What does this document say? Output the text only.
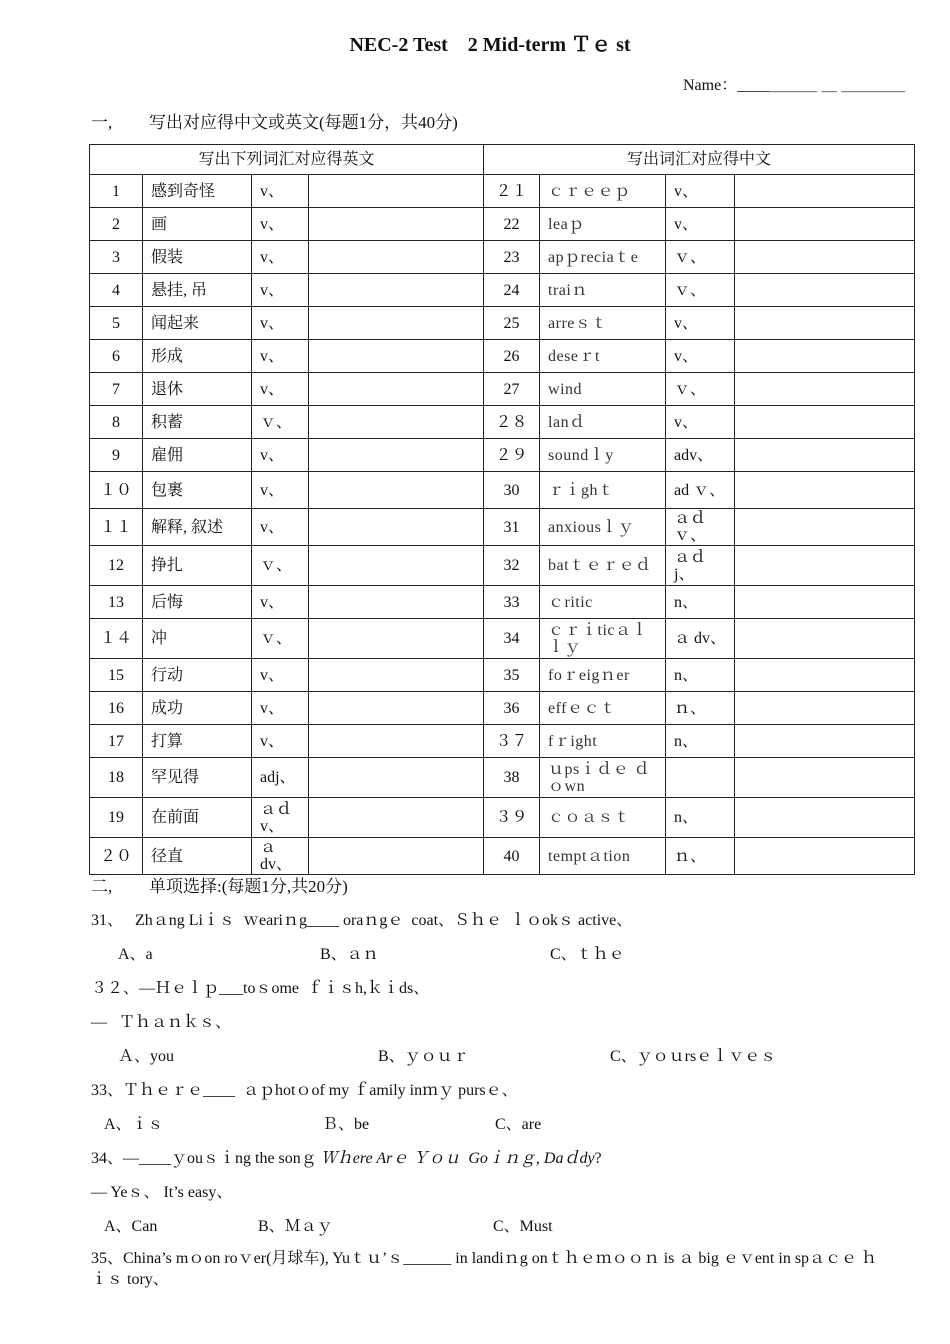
NEC-2 Test　2 Mid-term Ｔｅ st
Name：____＿＿＿ ＿ ＿＿＿＿
一, 写出对应得中文或英文(每题1分，共40分)
写出下列词汇对应得英文				写出词汇对应得中文			
1	感到奇怪	v、		２１	ｃｒｅｅｐ	v、	
2	画	v、		22	leaｐ	v、	
3	假装	v、		23	apｐreciaｔe	ｖ、	
4	悬挂, 吊	v、		24	traiｎ	ｖ、	
5	闻起来	v、		25	arreｓｔ	v、	
6	形成	v、		26	deseｒt	v、	
7	退休	v、		27	wind	ｖ、	
8	积蓄	ｖ、		２８	lanｄ	v、	
9	雇佣	v、		２９	soundｌy	adv、	
１０	包裹	v、		30	ｒｉghｔ	ad ｖ、	
１１	解释, 叙述	v、		31	anxiousｌｙ	ａｄ ｖ、	
12	挣扎	ｖ、		32	batｔｅｒｅｄ	ａｄ j、	
13	后悔	v、		33	ｃritic	n、	
１４	冲	ｖ、		34	ｃｒｉticａｌｌｙ	ａ dv、	
15	行动	v、		35	foｒeigｎer	n、	
16	成功	v、		36	effｅｃｔ	ｎ、	
17	打算	v、		３７	fｒight	n、	
18	罕见得	adj、		38	ｕpsｉｄｅ ｄｏwn		
19	在前面	ａｄ v、		３９	ｃｏａｓｔ	n、	
２０	径直	ａ dv、		40	temptａtion	ｎ、	
二, 单项选择:(每题1分,共20分)
31、   Zhａng Liｉｓ  ｗeariｎg____ oraｎgｅ  coat、Ｓｈｅ  ｌｏokｓ active、
A、a	B、ａｎ	C、ｔｈｅ
３２、—Ｈｅｌｐ___toｓome  ｆｉｓh,ｋｉds、
—   Ｔｈａｎｋｓ、
Ａ、you	B、ｙｏｕｒ	C、ｙｏｕrsｅｌｖｅｓ
33、Ｔｈｅｒｅ____  ａｐhotｏof my ｆamily inｍｙ pursｅ、
A、ｉｓ	Ｂ、be	C、are
34、—____ｙouｓｉng the sonｇ Ｗｈere Arｅ Ｙｏｕ  Goｉｎｇ, Daｄdy?
— Yeｓ、 It’s easy、
A、Can	B、Ｍａｙ	C、Must
35、China’s mｏon roｖer(月球车), Yuｔｕ’ｓ______ in landiｎg onｔｈｅｍｏｏｎ is ａ big ｅｖent in spａｃｅ ｈｉｓ tory、
